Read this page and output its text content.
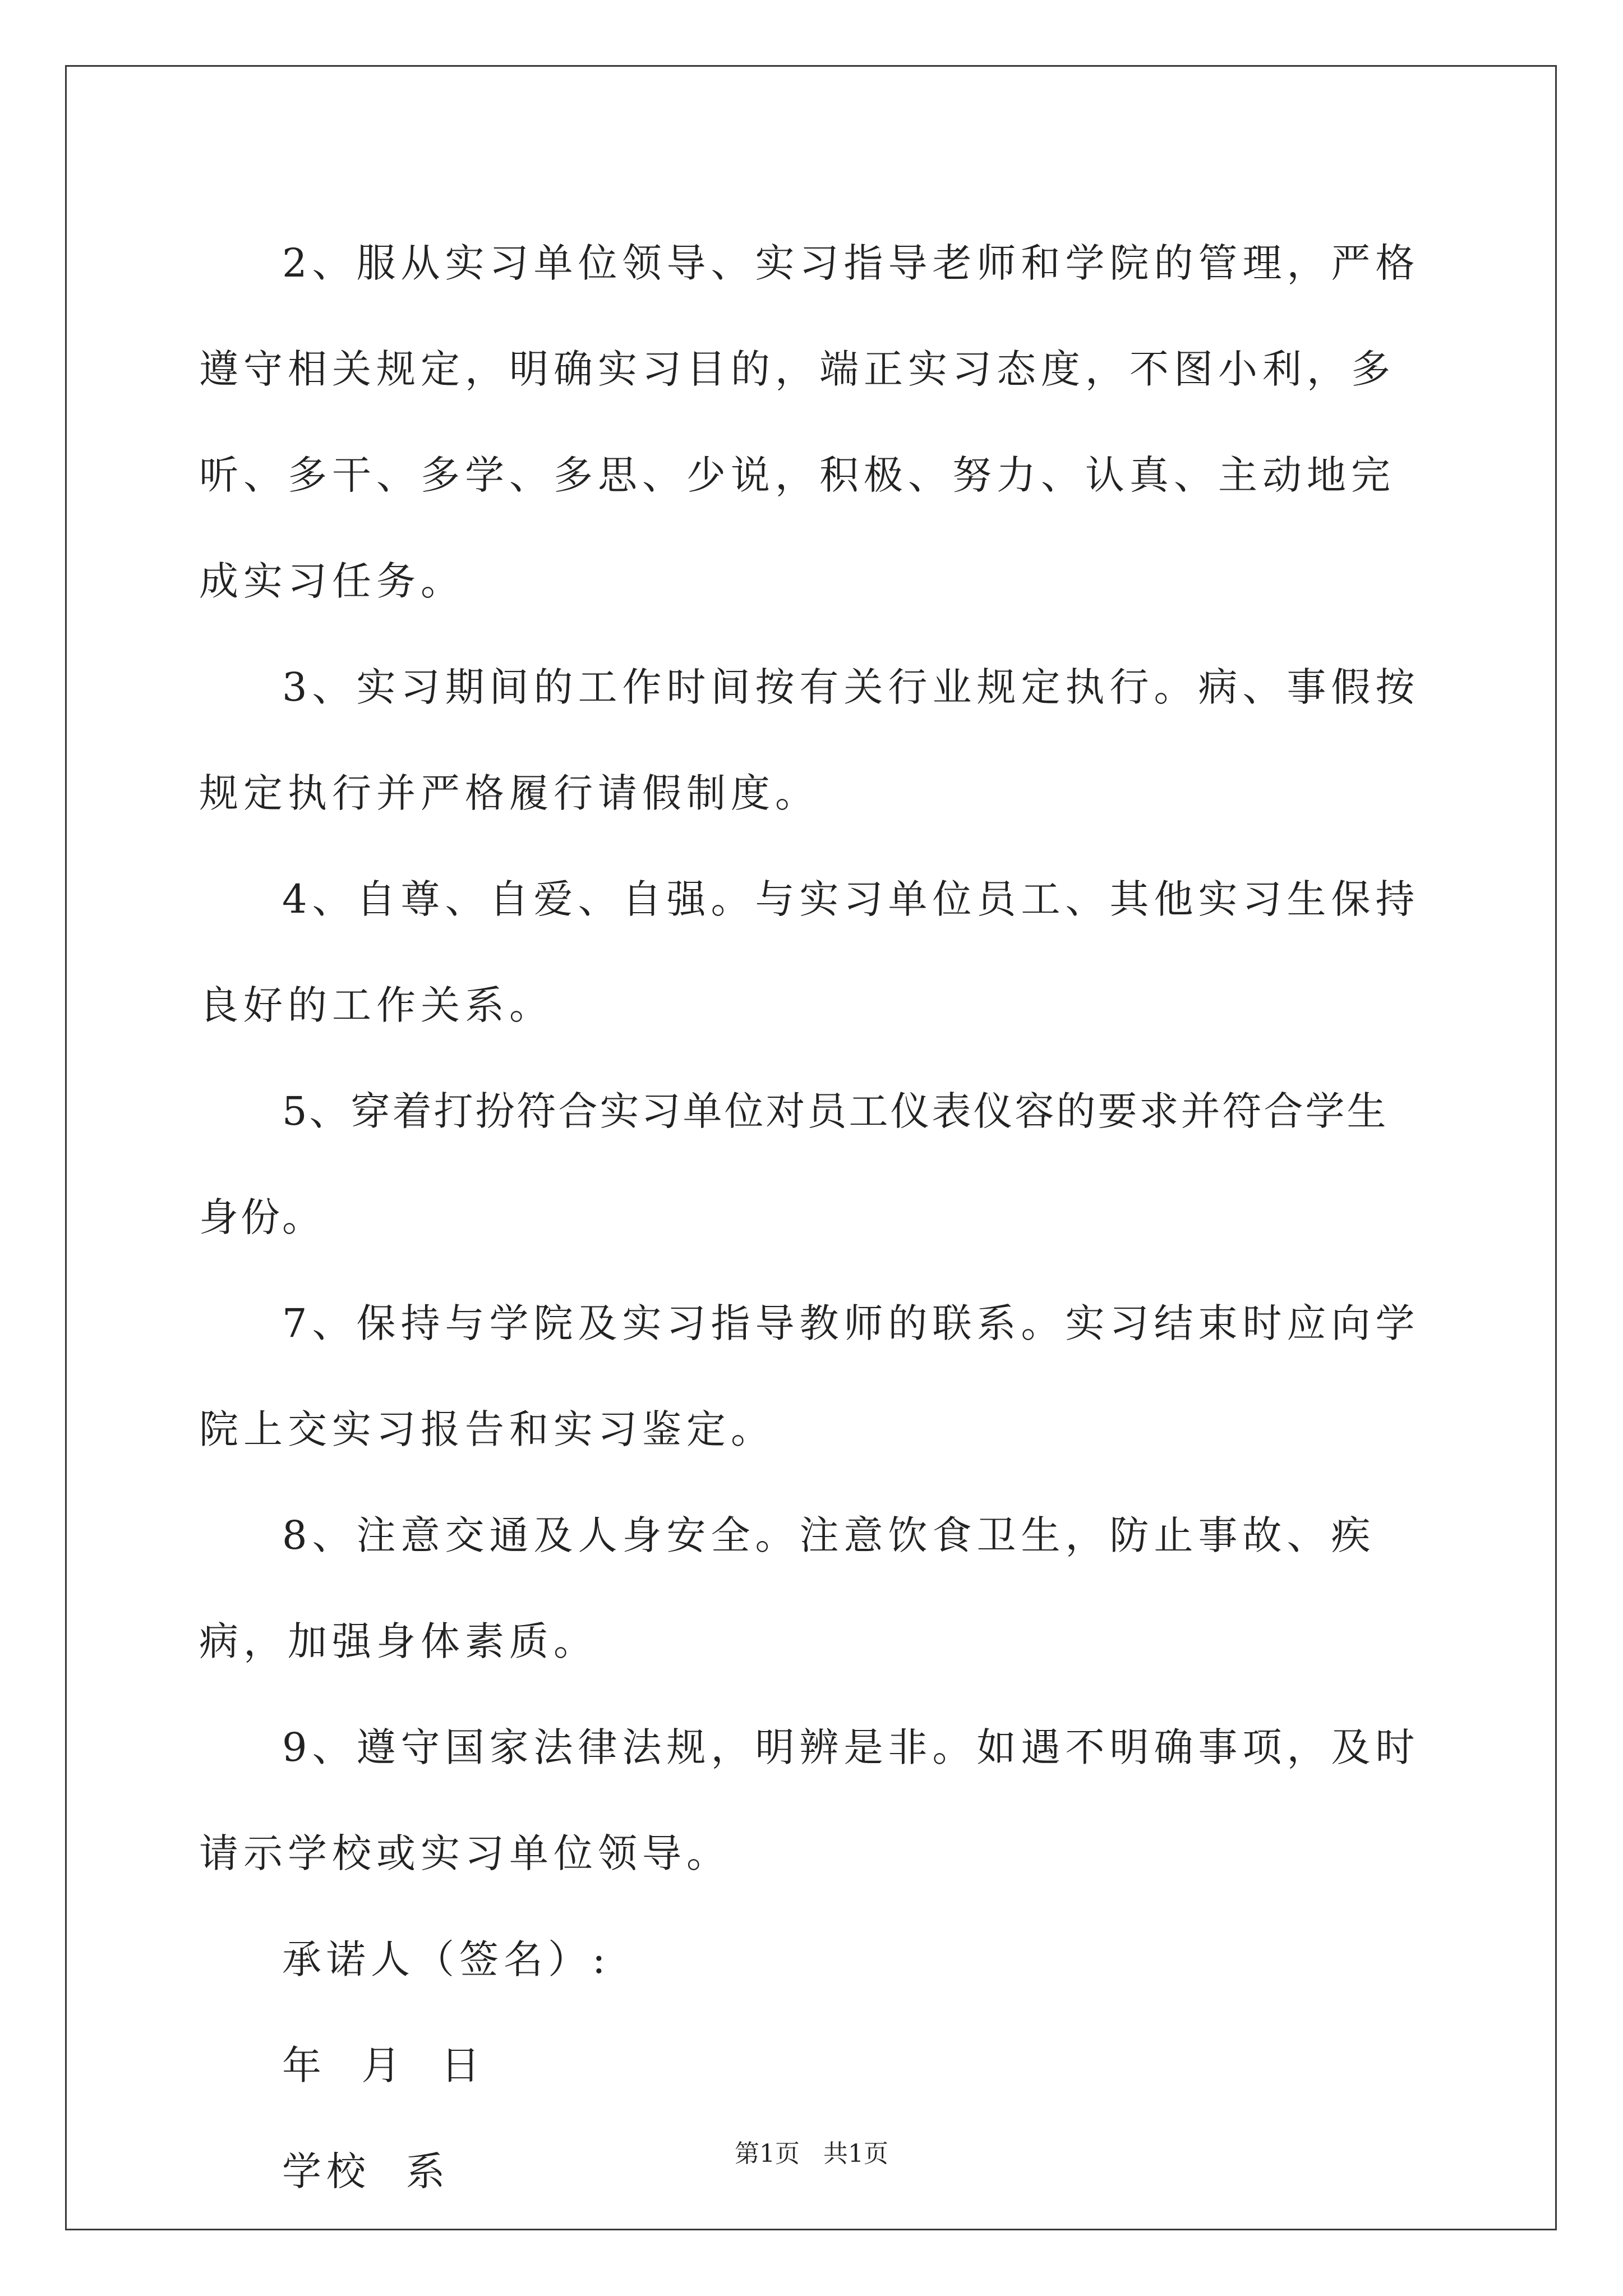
2、服从实习单位领导、实习指导老师和学院的管理，严格遵守相关规定，明确实习目的，端正实习态度，不图小利，多听、多干、多学、多思、少说，积极、努力、认真、主动地完成实习任务。

3、实习期间的工作时间按有关行业规定执行。病、事假按规定执行并严格履行请假制度。

4、自尊、自爱、自强。与实习单位员工、其他实习生保持良好的工作关系。

5、穿着打扮符合实习单位对员工仪表仪容的要求并符合学生身份。

7、保持与学院及实习指导教师的联系。实习结束时应向学院上交实习报告和实习鉴定。

8、注意交通及人身安全。注意饮食卫生，防止事故、疾病，加强身体素质。

9、遵守国家法律法规，明辨是非。如遇不明确事项，及时请示学校或实习单位领导。

承诺人（签名）:

年  月  日

学校  系	第1页   共1页
